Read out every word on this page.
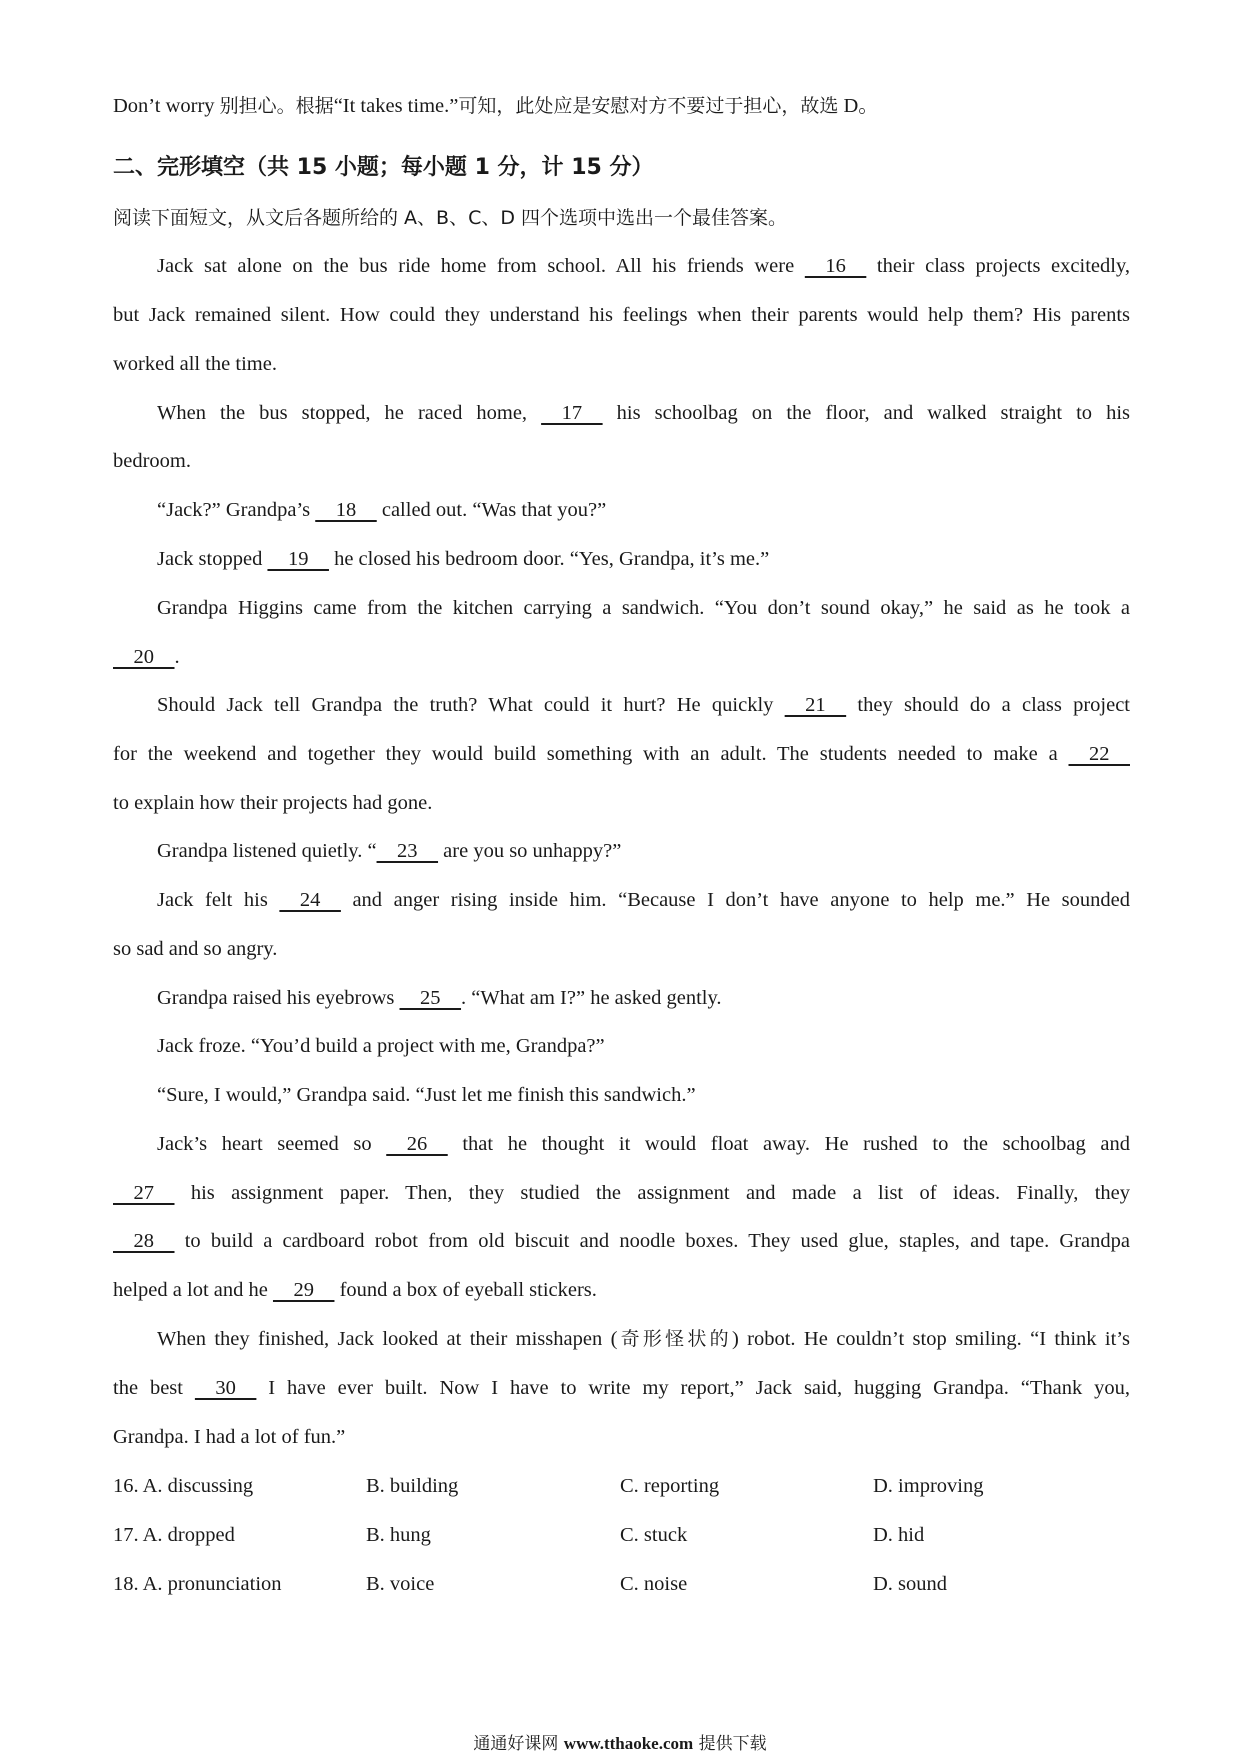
Don’t worry 别担心。根据“It takes time.”可知，此处应是安慰对方不要过于担心，故选 D。
二、完形填空（共 15 小题；每小题 1 分，计 15 分）
阅读下面短文，从文后各题所给的 A、B、C、D 四个选项中选出一个最佳答案。
Jack sat alone on the bus ride home from school. All his friends were     16     their class projects excitedly,
but Jack remained silent. How could they understand his feelings when their parents would help them? His parents
worked all the time.
When the bus stopped, he raced home,     17     his schoolbag on the floor, and walked straight to his
bedroom.
“Jack?” Grandpa’s     18     called out. “Was that you?”
Jack stopped     19     he closed his bedroom door. “Yes, Grandpa, it’s me.”
Grandpa Higgins came from the kitchen carrying a sandwich. “You don’t sound okay,” he said as he took a
20    .
Should Jack tell Grandpa the truth? What could it hurt? He quickly     21     they should do a class project
for the weekend and together they would build something with an adult. The students needed to make a     22
to explain how their projects had gone.
Grandpa listened quietly. “    23     are you so unhappy?”
Jack felt his     24     and anger rising inside him. “Because I don’t have anyone to help me.” He sounded
so sad and so angry.
Grandpa raised his eyebrows     25    . “What am I?” he asked gently.
Jack froze. “You’d build a project with me, Grandpa?”
“Sure, I would,” Grandpa said. “Just let me finish this sandwich.”
Jack’s heart seemed so     26     that he thought it would float away. He rushed to the schoolbag and
27     his assignment paper. Then, they studied the assignment and made a list of ideas. Finally, they
28     to build a cardboard robot from old biscuit and noodle boxes. They used glue, staples, and tape. Grandpa
helped a lot and he     29     found a box of eyeball stickers.
When they finished, Jack looked at their misshapen (奇形怪状的) robot. He couldn’t stop smiling. “I think it’s
the best     30     I have ever built. Now I have to write my report,” Jack said, hugging Grandpa. “Thank you,
Grandpa. I had a lot of fun.”
16. A. discussing	B. building	C. reporting	D. improving
17. A. dropped	B. hung	C. stuck	D. hid
18. A. pronunciation	B. voice	C. noise	D. sound
通通好课网 www.tthaoke.com 提供下载
